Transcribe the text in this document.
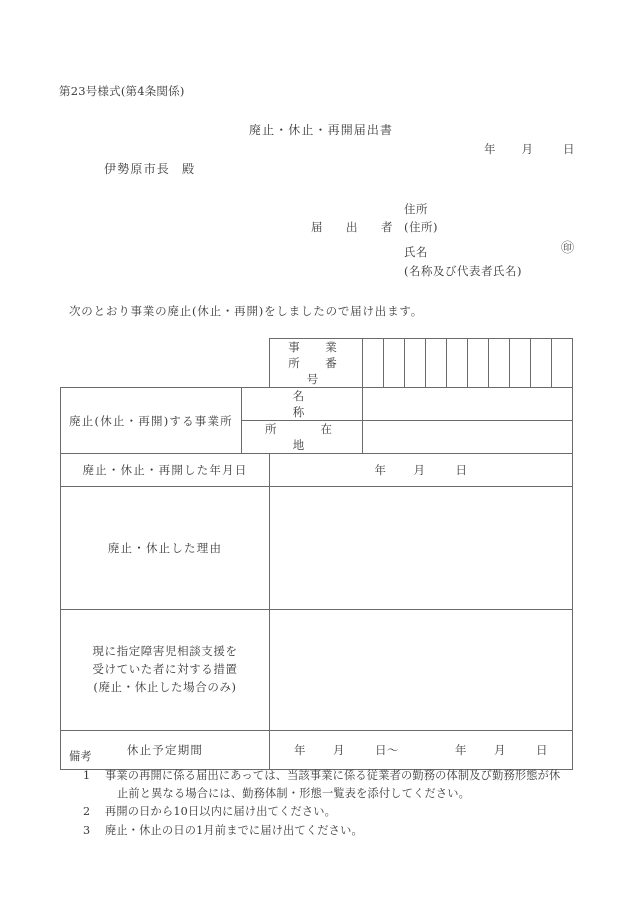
第23号様式(第4条関係)
廃止・休止・再開届出書
年 月	日
伊勢原市長 殿
届　出　者
住所
(住所)
氏名	㊞
(名称及び代表者氏名)
次のとおり事業の廃止(休止・再開)をしましたので届け出ます。
		事　業　所　番　号										
廃止(休止・再開)する事業所	名　　　　　称											
	所　　在　　地											
廃止・休止・再開した年月日		年 月 日										
廃止・休止した理由												

現に指定障害児相談支援を
受けていた者に対する措置
(廃止・休止した場合のみ)												

休止予定期間		年 月 日〜 年 月 日										
備考
1	事業の再開に係る届出にあっては、当該事業に係る従業者の勤務の体制及び勤務形態が休
止前と異なる場合には、勤務体制・形態一覧表を添付してください。
2	再開の日から10日以内に届け出てください。
3	廃止・休止の日の1月前までに届け出てください。
